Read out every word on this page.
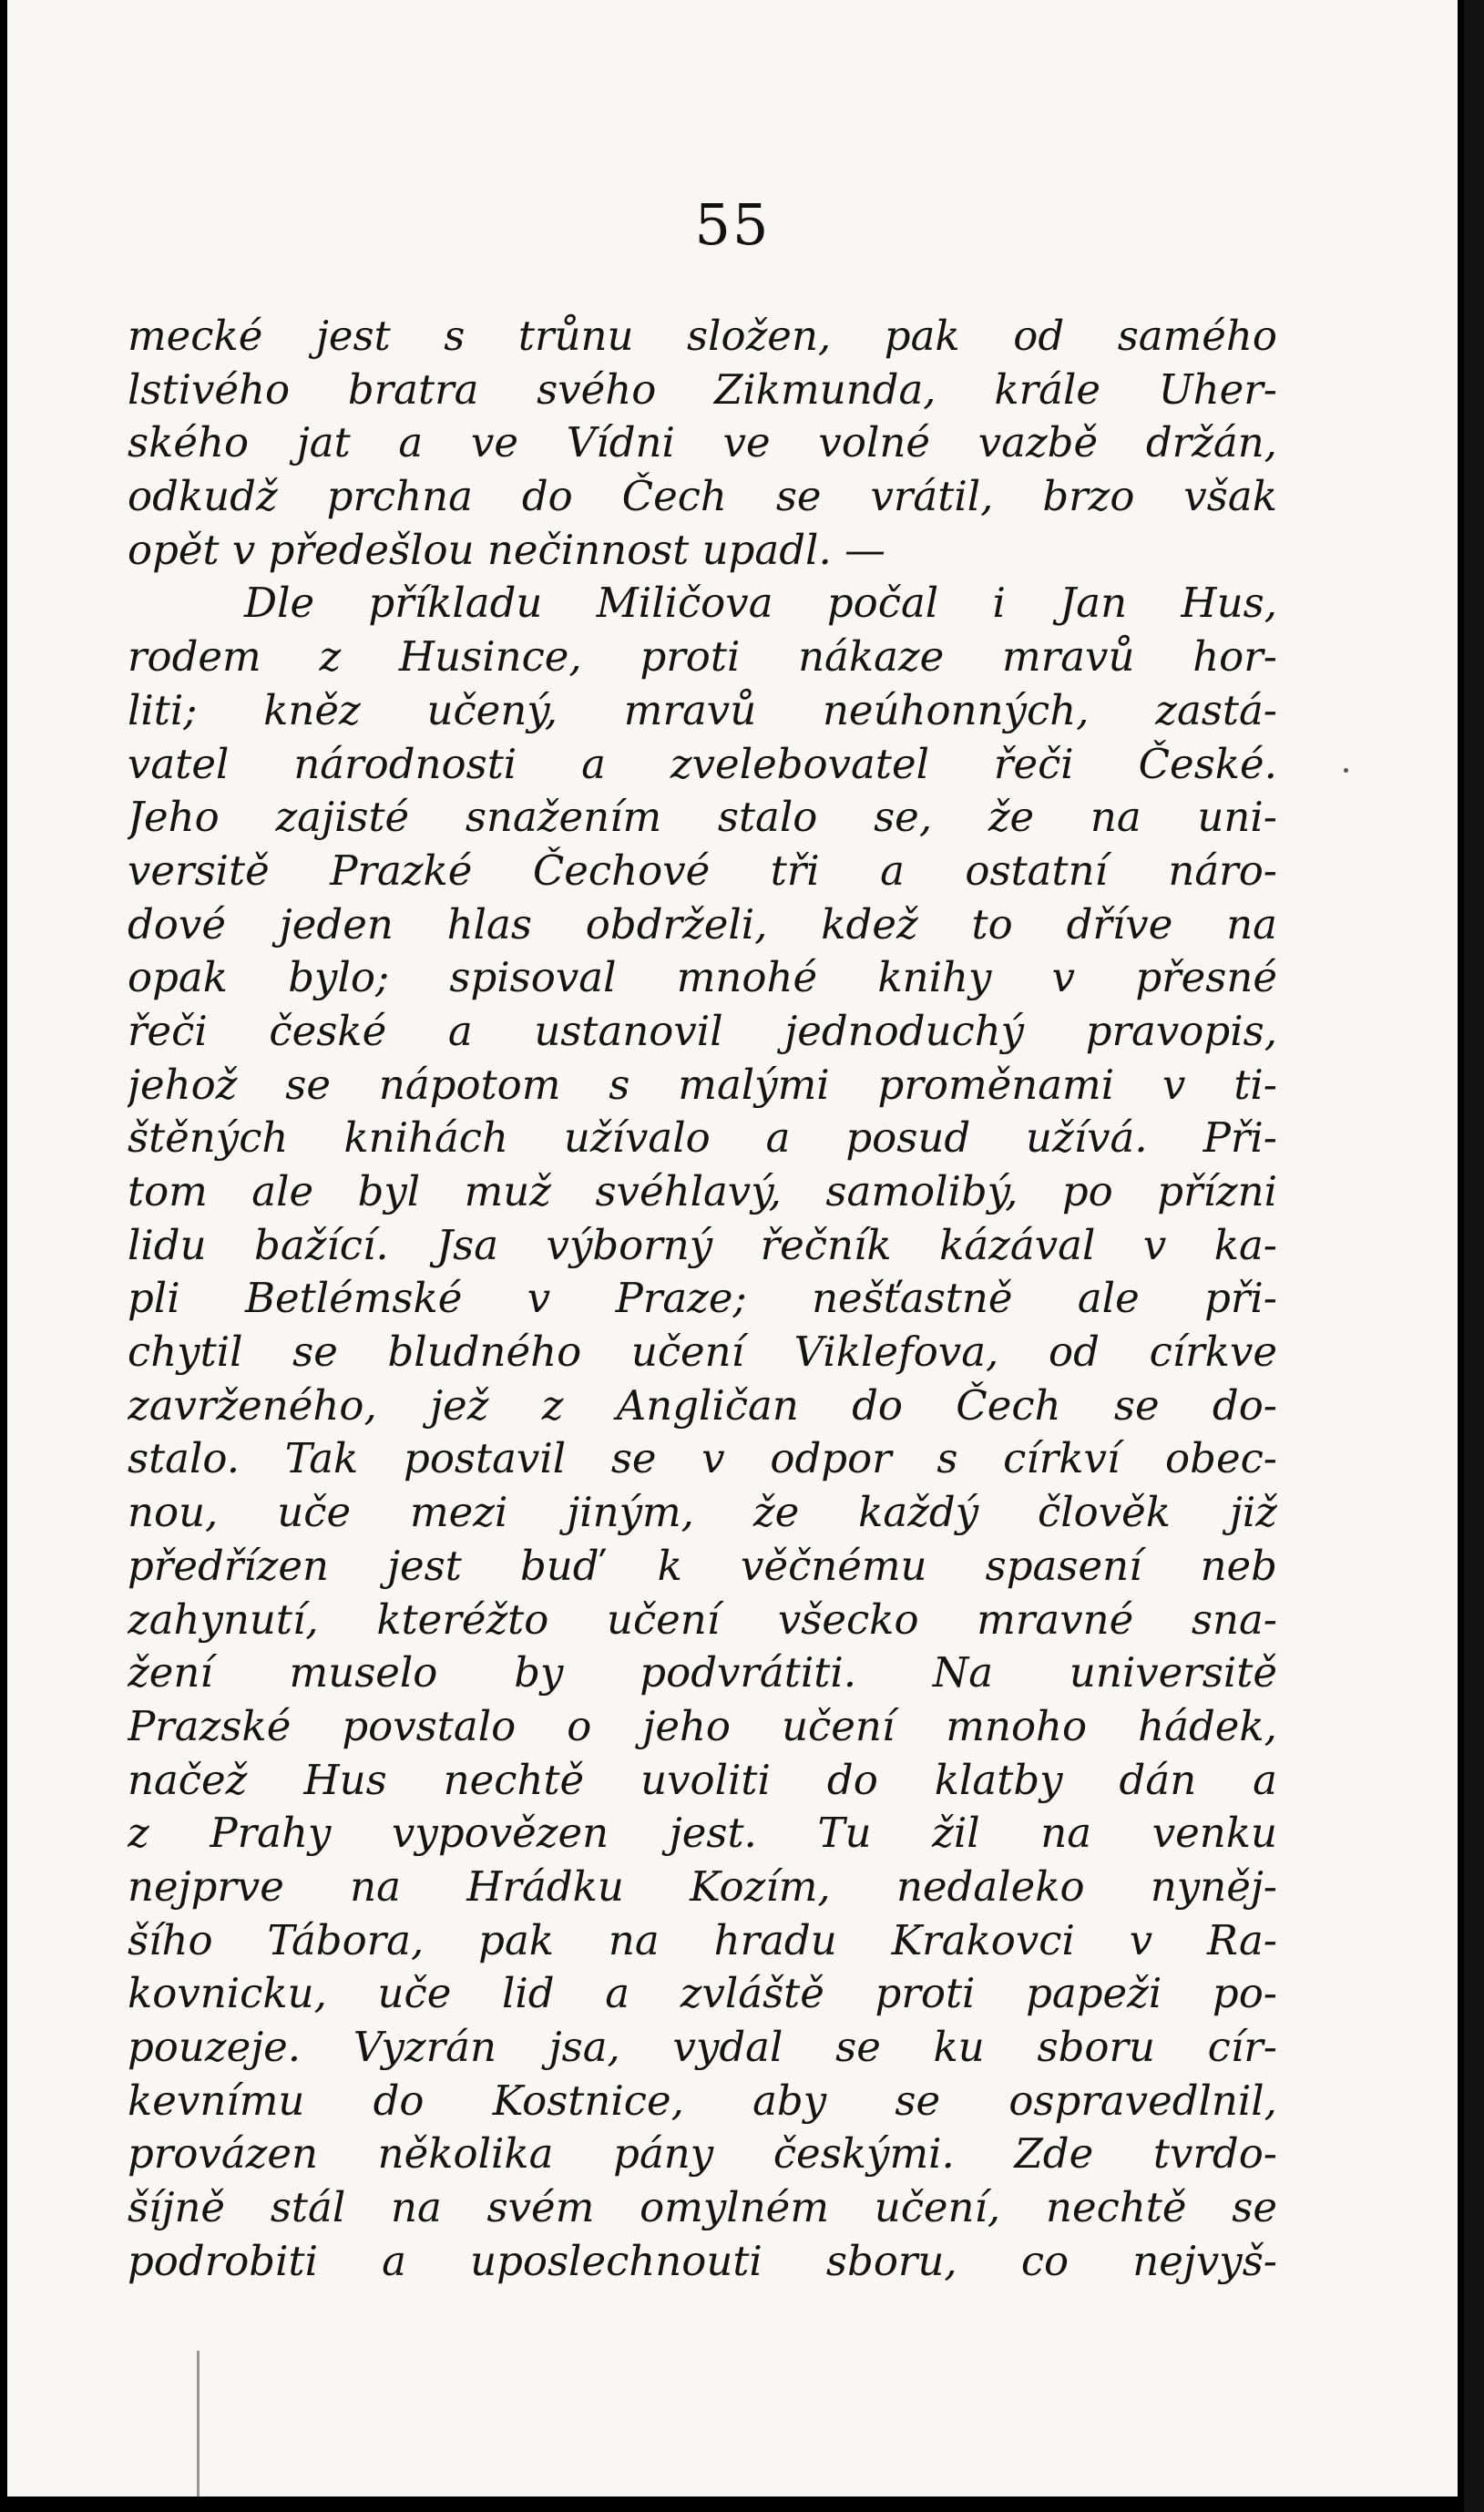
55
mecké jest s trůnu složen, pak od samého
lstivého bratra svého Zikmunda, krále Uher-
ského jat a ve Vídni ve volné vazbě držán,
odkudž prchna do Čech se vrátil, brzo však
opět v předešlou nečinnost upadl. —
Dle příkladu Miličova počal i Jan Hus,
rodem z Husince, proti nákaze mravů hor-
liti; kněz učený, mravů neúhonných, zastá-
vatel národnosti a zvelebovatel řeči České.
Jeho zajisté snažením stalo se, že na uni-
versitě Prazké Čechové tři a ostatní náro-
dové jeden hlas obdrželi, kdež to dříve na
opak bylo; spisoval mnohé knihy v přesné
řeči české a ustanovil jednoduchý pravopis,
jehož se nápotom s malými proměnami v ti-
štěných knihách užívalo a posud užívá. Při-
tom ale byl muž svéhlavý, samolibý, po přízni
lidu bažící. Jsa výborný řečník kázával v ka-
pli Betlémské v Praze; nešťastně ale při-
chytil se bludného učení Viklefova, od církve
zavrženého, jež z Angličan do Čech se do-
stalo. Tak postavil se v odpor s církví obec-
nou, uče mezi jiným, že každý člověk již
předřízen jest buď k věčnému spasení neb
zahynutí, kteréžto učení všecko mravné sna-
žení muselo by podvrátiti. Na universitě
Prazské povstalo o jeho učení mnoho hádek,
načež Hus nechtě uvoliti do klatby dán a
z Prahy vypovězen jest. Tu žil na venku
nejprve na Hrádku Kozím, nedaleko nyněj-
šího Tábora, pak na hradu Krakovci v Ra-
kovnicku, uče lid a zvláště proti papeži po-
pouzeje. Vyzrán jsa, vydal se ku sboru cír-
kevnímu do Kostnice, aby se ospravedlnil,
provázen několika pány českými. Zde tvrdo-
šíjně stál na svém omylném učení, nechtě se
podrobiti a uposlechnouti sboru, co nejvyš-
